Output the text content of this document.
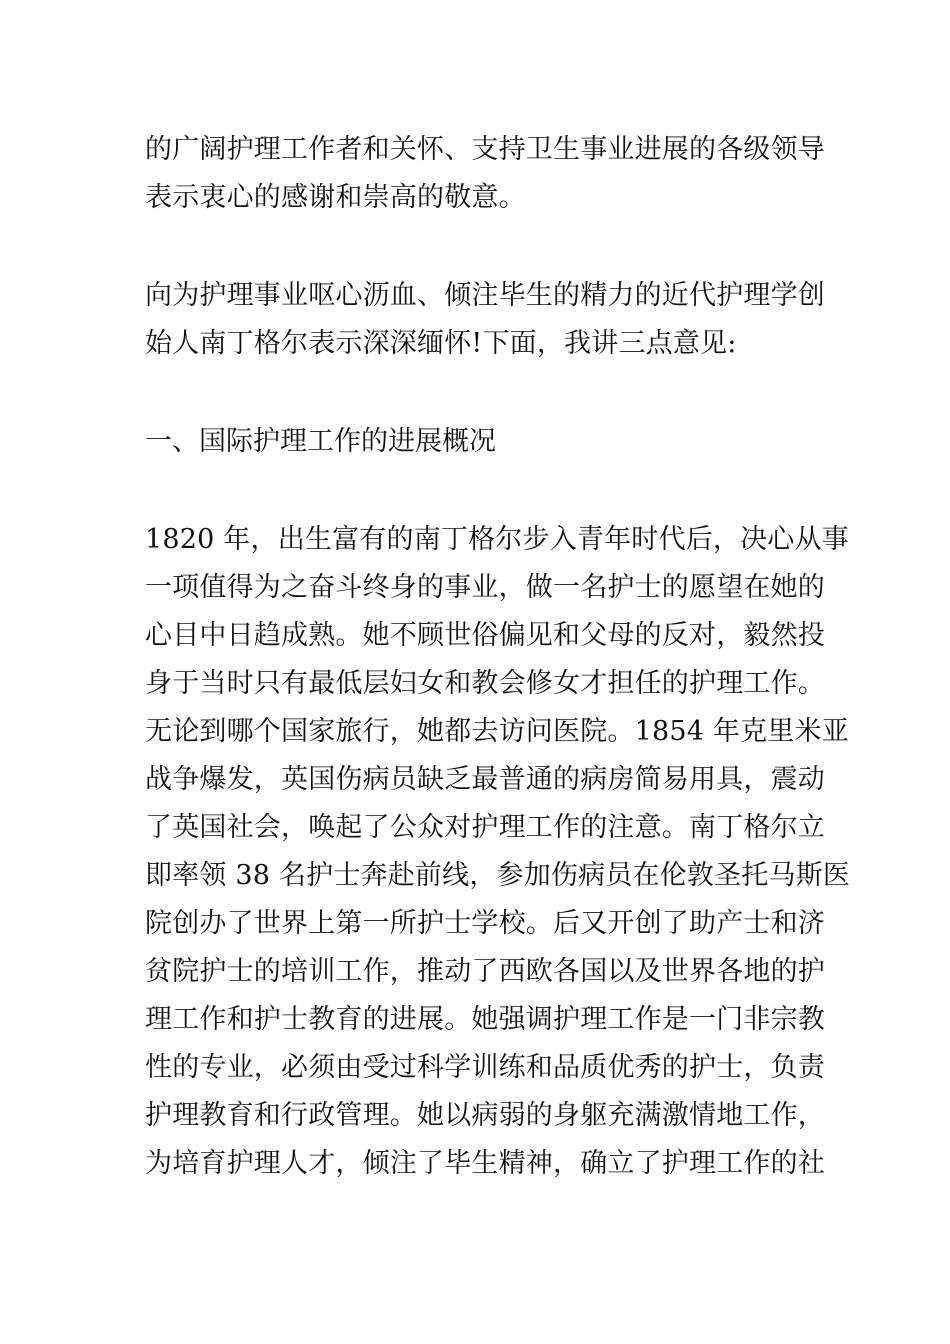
的广阔护理工作者和关怀、支持卫生事业进展的各级领导
表示衷心的感谢和崇高的敬意。

向为护理事业呕心沥血、倾注毕生的精力的近代护理学创
始人南丁格尔表示深深缅怀!下面，我讲三点意见:

一、国际护理工作的进展概况

1820 年，出生富有的南丁格尔步入青年时代后，决心从事
一项值得为之奋斗终身的事业，做一名护士的愿望在她的
心目中日趋成熟。她不顾世俗偏见和父母的反对，毅然投
身于当时只有最低层妇女和教会修女才担任的护理工作。
无论到哪个国家旅行，她都去访问医院。1854 年克里米亚
战争爆发，英国伤病员缺乏最普通的病房简易用具，震动
了英国社会，唤起了公众对护理工作的注意。南丁格尔立
即率领 38 名护士奔赴前线，参加伤病员在伦敦圣托马斯医
院创办了世界上第一所护士学校。后又开创了助产士和济
贫院护士的培训工作，推动了西欧各国以及世界各地的护
理工作和护士教育的进展。她强调护理工作是一门非宗教
性的专业，必须由受过科学训练和品质优秀的护士，负责
护理教育和行政管理。她以病弱的身躯充满激情地工作，
为培育护理人才，倾注了毕生精神，确立了护理工作的社
